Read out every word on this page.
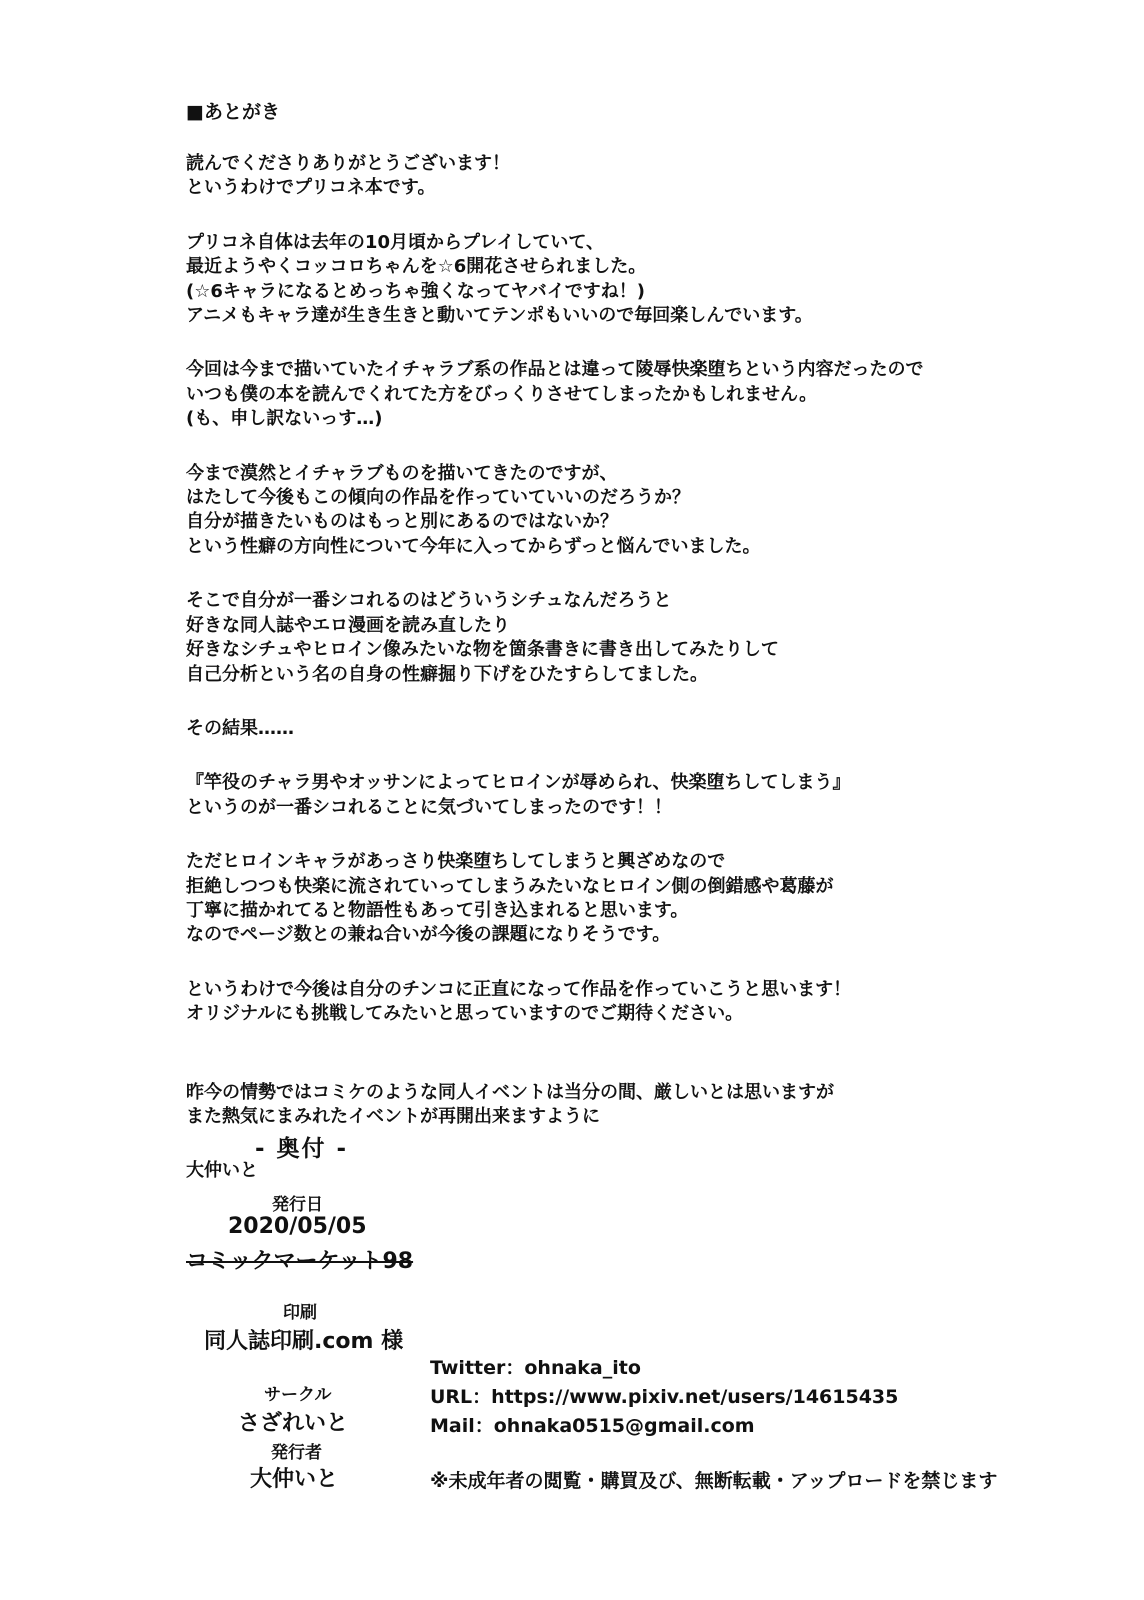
■あとがき

読んでくださりありがとうございます！
というわけでプリコネ本です。
プリコネ自体は去年の10月頃からプレイしていて、
最近ようやくコッコロちゃんを☆6開花させられました。
(☆6キャラになるとめっちゃ強くなってヤバイですね！)
アニメもキャラ達が生き生きと動いてテンポもいいので毎回楽しんでいます。
今回は今まで描いていたイチャラブ系の作品とは違って陵辱快楽堕ちという内容だったので
いつも僕の本を読んでくれてた方をびっくりさせてしまったかもしれません。
(も、申し訳ないっす…)
今まで漠然とイチャラブものを描いてきたのですが、
はたして今後もこの傾向の作品を作っていていいのだろうか？
自分が描きたいものはもっと別にあるのではないか？
という性癖の方向性について今年に入ってからずっと悩んでいました。
そこで自分が一番シコれるのはどういうシチュなんだろうと
好きな同人誌やエロ漫画を読み直したり
好きなシチュやヒロイン像みたいな物を箇条書きに書き出してみたりして
自己分析という名の自身の性癖掘り下げをひたすらしてました。
その結果……
『竿役のチャラ男やオッサンによってヒロインが辱められ、快楽堕ちしてしまう』
というのが一番シコれることに気づいてしまったのです！！
ただヒロインキャラがあっさり快楽堕ちしてしまうと興ざめなので
拒絶しつつも快楽に流されていってしまうみたいなヒロイン側の倒錯感や葛藤が
丁寧に描かれてると物語性もあって引き込まれると思います。
なのでページ数との兼ね合いが今後の課題になりそうです。
というわけで今後は自分のチンコに正直になって作品を作っていこうと思います！
オリジナルにも挑戦してみたいと思っていますのでご期待ください。
昨今の情勢ではコミケのような同人イベントは当分の間、厳しいとは思いますが
また熱気にまみれたイベントが再開出来ますように
大仲いと
- 奥付 -
発行日
2020/05/05
コミックマーケット98
印刷
同人誌印刷.com 様
サークル
さざれいと
発行者
大仲いと
Twitter：ohnaka_ito
URL：https://www.pixiv.net/users/14615435
Mail：ohnaka0515@gmail.com
※未成年者の閲覧・購買及び、無断転載・アップロードを禁じます
